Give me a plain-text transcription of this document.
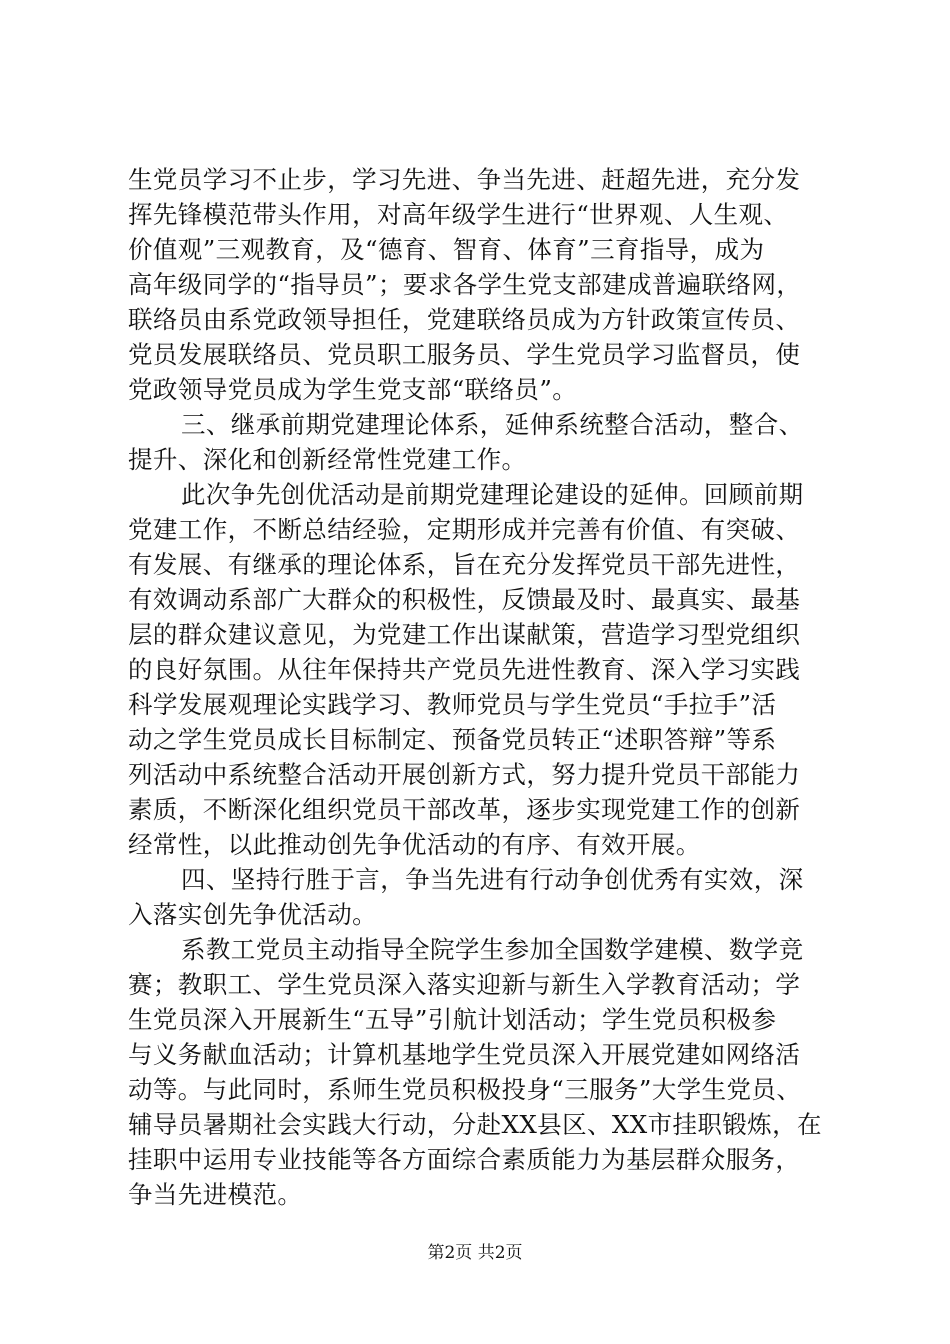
生党员学习不止步，学习先进、争当先进、赶超先进，充分发
挥先锋模范带头作用，对高年级学生进行“世界观、人生观、
价值观”三观教育，及“德育、智育、体育”三育指导，成为
高年级同学的“指导员”；要求各学生党支部建成普遍联络网，
联络员由系党政领导担任，党建联络员成为方针政策宣传员、
党员发展联络员、党员职工服务员、学生党员学习监督员，使
党政领导党员成为学生党支部“联络员”。
三、继承前期党建理论体系，延伸系统整合活动，整合、
提升、深化和创新经常性党建工作。
此次争先创优活动是前期党建理论建设的延伸。回顾前期
党建工作，不断总结经验，定期形成并完善有价值、有突破、
有发展、有继承的理论体系，旨在充分发挥党员干部先进性，
有效调动系部广大群众的积极性，反馈最及时、最真实、最基
层的群众建议意见，为党建工作出谋献策，营造学习型党组织
的良好氛围。从往年保持共产党员先进性教育、深入学习实践
科学发展观理论实践学习、教师党员与学生党员“手拉手”活
动之学生党员成长目标制定、预备党员转正“述职答辩”等系
列活动中系统整合活动开展创新方式，努力提升党员干部能力
素质，不断深化组织党员干部改革，逐步实现党建工作的创新
经常性，以此推动创先争优活动的有序、有效开展。
四、坚持行胜于言，争当先进有行动争创优秀有实效，深
入落实创先争优活动。
系教工党员主动指导全院学生参加全国数学建模、数学竞
赛；教职工、学生党员深入落实迎新与新生入学教育活动；学
生党员深入开展新生“五导”引航计划活动；学生党员积极参
与义务献血活动；计算机基地学生党员深入开展党建如网络活
动等。与此同时，系师生党员积极投身“三服务”大学生党员、
辅导员暑期社会实践大行动，分赴XX县区、XX市挂职锻炼，在
挂职中运用专业技能等各方面综合素质能力为基层群众服务，
争当先进模范。
第2页 共2页
